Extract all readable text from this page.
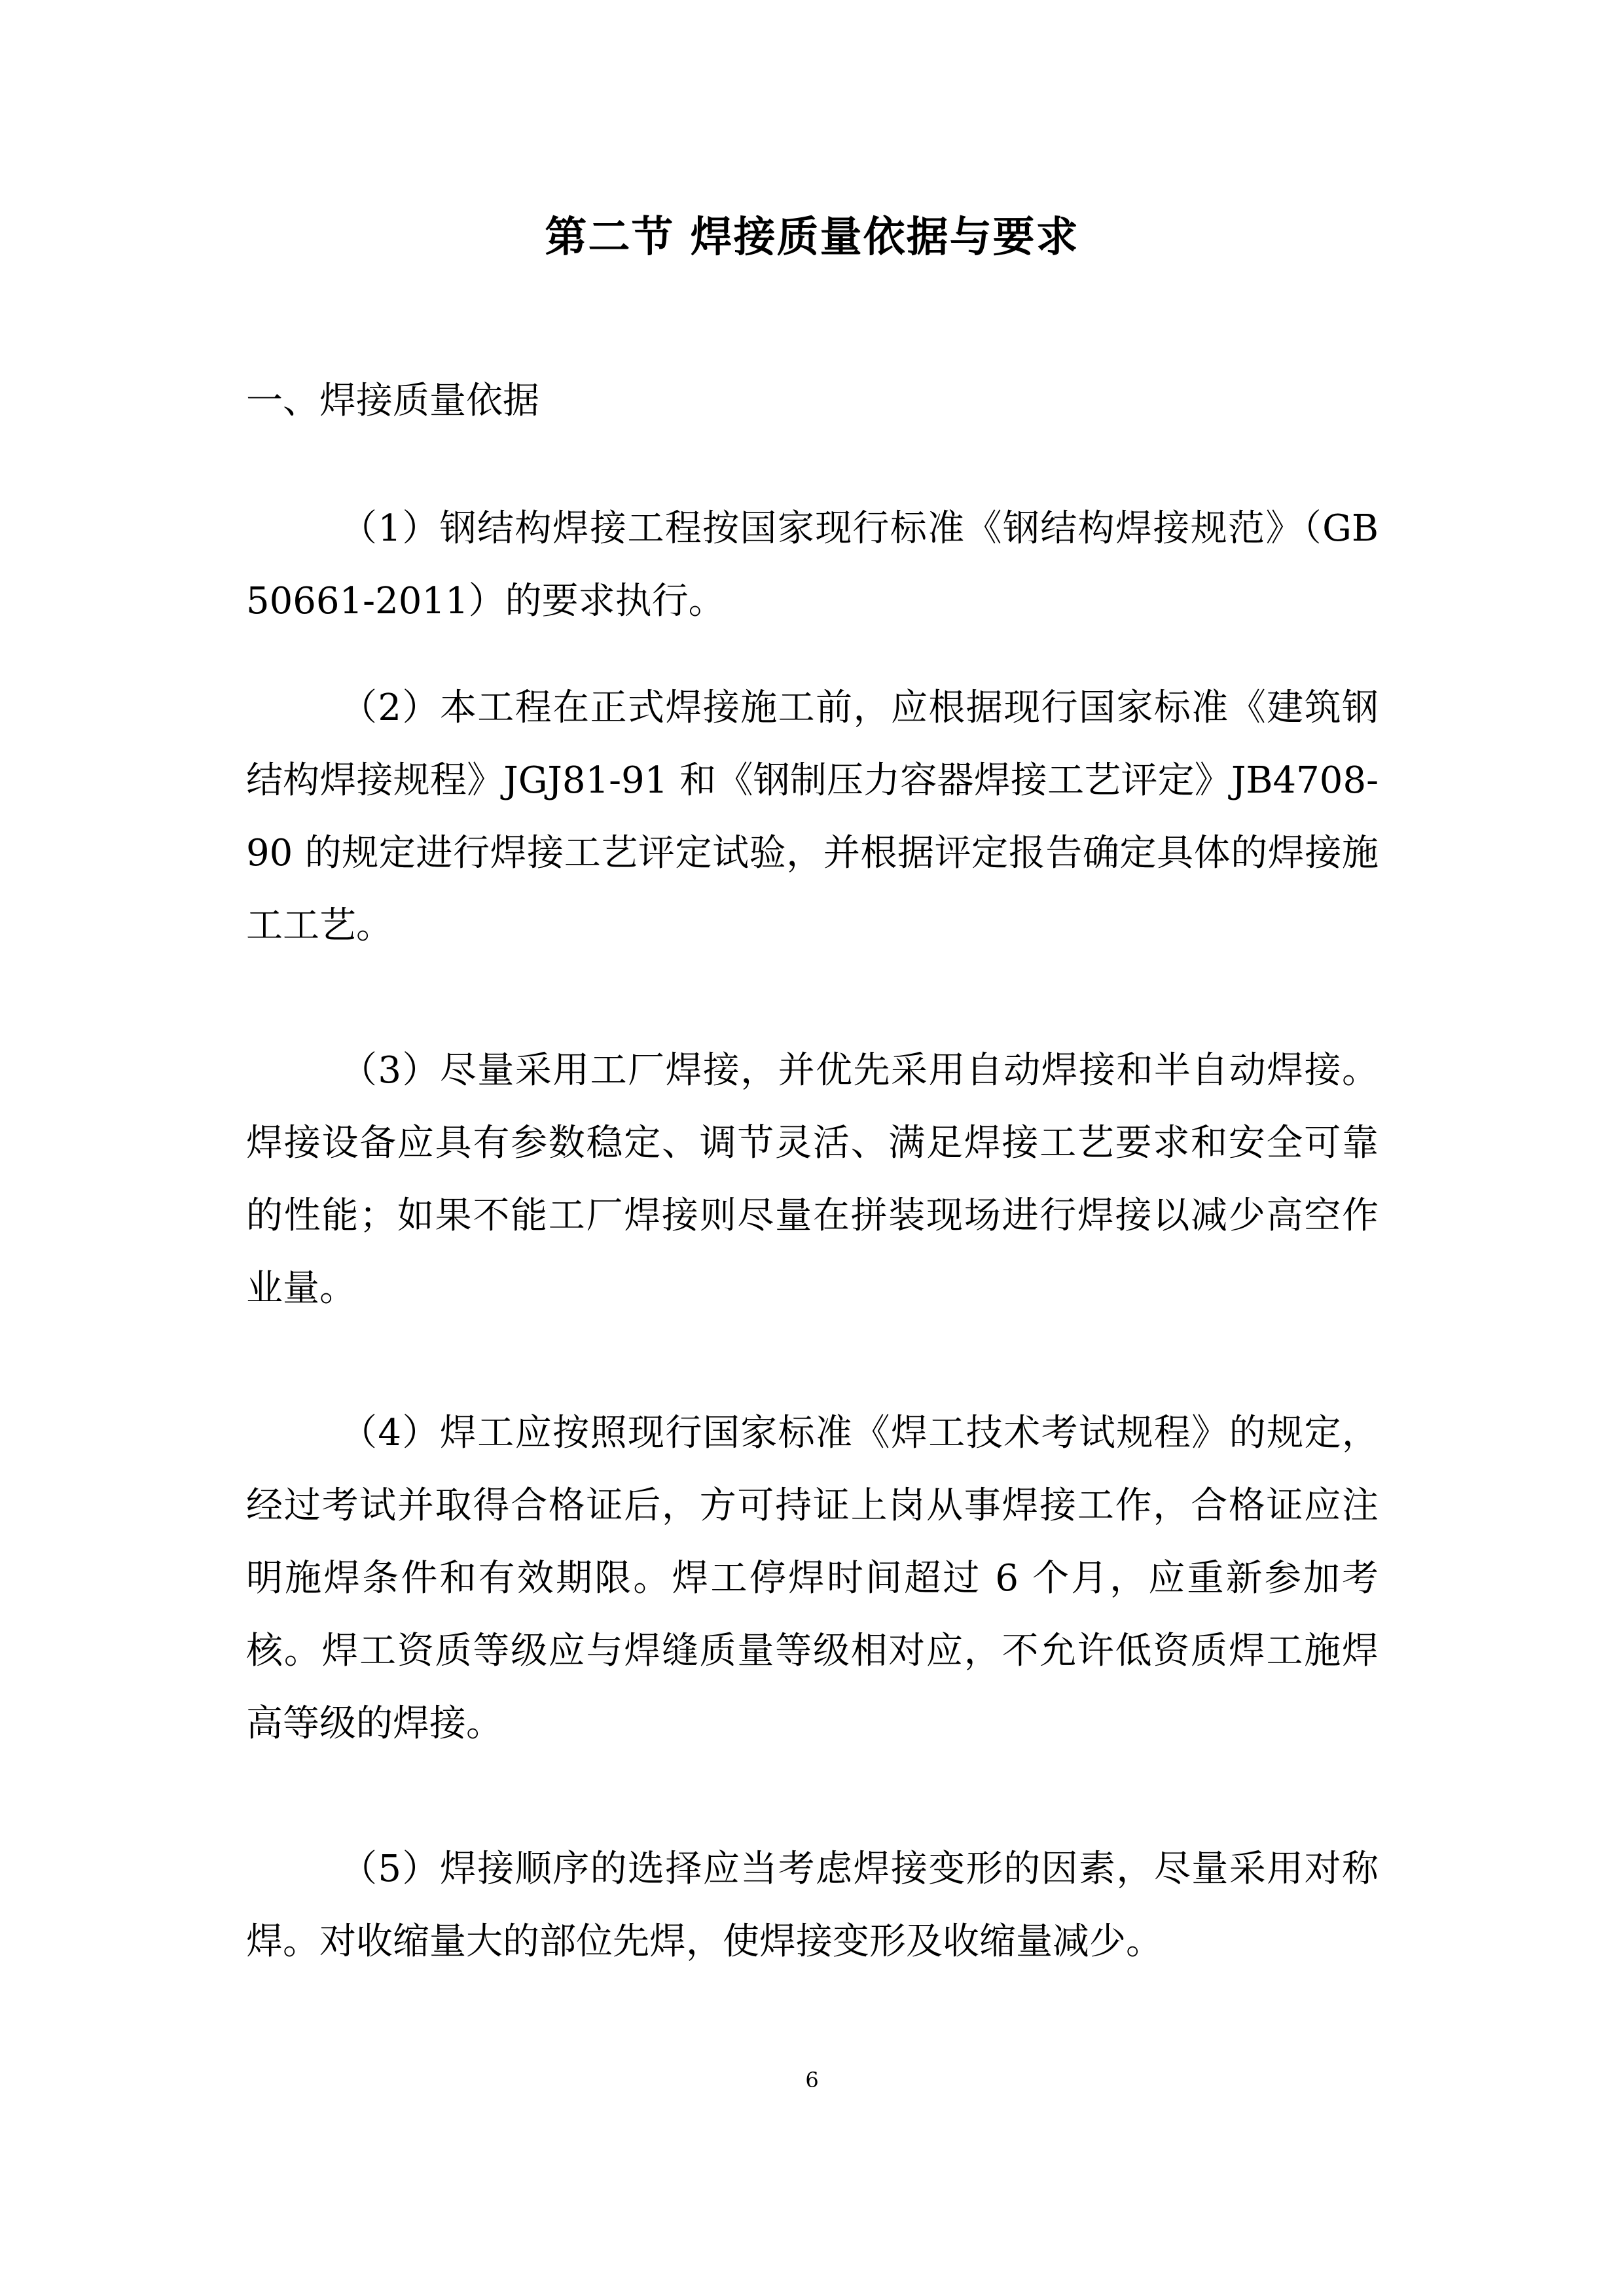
第二节 焊接质量依据与要求
一、焊接质量依据

（1）钢结构焊接工程按国家现行标准《钢结构焊接规范》（GB 50661-2011）的要求执行。

（2）本工程在正式焊接施工前，应根据现行国家标准《建筑钢结构焊接规程》JGJ81-91 和《钢制压力容器焊接工艺评定》JB4708-90 的规定进行焊接工艺评定试验，并根据评定报告确定具体的焊接施工工艺。

（3）尽量采用工厂焊接，并优先采用自动焊接和半自动焊接。焊接设备应具有参数稳定、调节灵活、满足焊接工艺要求和安全可靠的性能；如果不能工厂焊接则尽量在拼装现场进行焊接以减少高空作业量。

（4）焊工应按照现行国家标准《焊工技术考试规程》的规定，经过考试并取得合格证后，方可持证上岗从事焊接工作，合格证应注明施焊条件和有效期限。焊工停焊时间超过 6 个月，应重新参加考核。焊工资质等级应与焊缝质量等级相对应，不允许低资质焊工施焊高等级的焊接。

（5）焊接顺序的选择应当考虑焊接变形的因素，尽量采用对称焊。对收缩量大的部位先焊，使焊接变形及收缩量减少。

6
